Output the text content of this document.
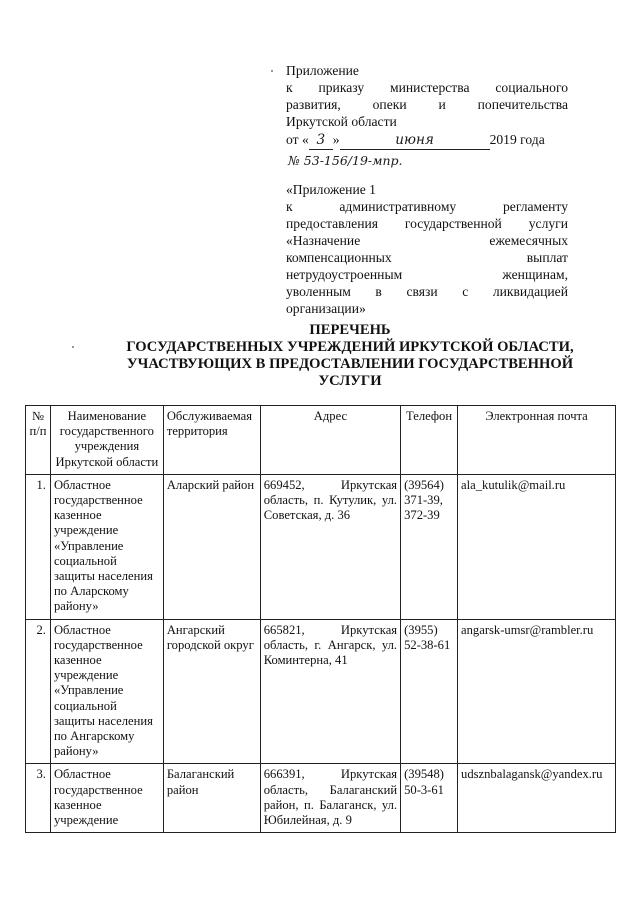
Приложение
к приказу министерства социального
развития, опеки и попечительства
Иркутской области
от « 3 »	июня	2019 года
№ 53-156/19-мпр.
«Приложение 1
к административному регламенту
предоставления государственной услуги
«Назначение ежемесячных
компенсационных выплат
нетрудоустроенным женщинам,
уволенным в связи с ликвидацией
организации»
ПЕРЕЧЕНЬ
ГОСУДАРСТВЕННЫХ УЧРЕЖДЕНИЙ ИРКУТСКОЙ ОБЛАСТИ,
УЧАСТВУЮЩИХ В ПРЕДОСТАВЛЕНИИ ГОСУДАРСТВЕННОЙ
УСЛУГИ
№ п/п	Наименование государственного учреждения Иркутской области	Обслуживаемая территория	Адрес	Телефон	Электронная почта
1.	Областное государственное казенное учреждение «Управление социальной защиты населения по Аларскому району»	Аларский район	669452, Иркутская область, п. Кутулик, ул. Советская, д. 36	(39564) 371-39, 372-39	ala_kutulik@mail.ru
2.	Областное государственное казенное учреждение «Управление социальной защиты населения по Ангарскому району»	Ангарский городской округ	665821, Иркутская область, г. Ангарск, ул. Коминтерна, 41	(3955) 52-38-61	angarsk-umsr@rambler.ru
3.	Областное государственное казенное учреждение	Балаганский район	666391, Иркутская область, Балаганский район, п. Балаганск, ул. Юбилейная, д. 9	(39548) 50-3-61	udsznbalagansk@yandex.ru
